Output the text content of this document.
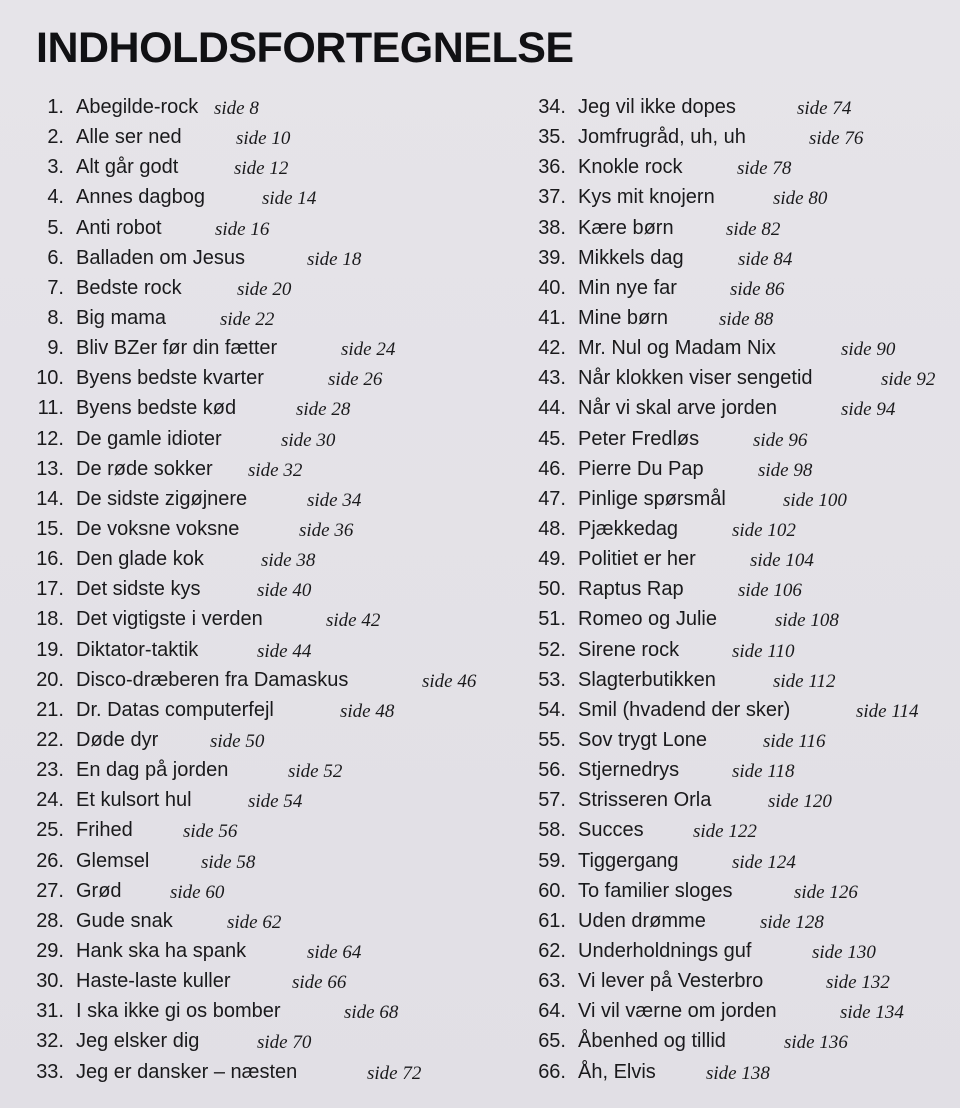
INDHOLDSFORTEGNELSE
1. Abegilde-rock side 8
2. Alle ser ned	side 10
3. Alt går godt	side 12
4. Annes dagbog	side 14
5. Anti robot	side 16
6. Balladen om Jesus	side 18
7. Bedste rock	side 20
8. Big mama	side 22
9. Bliv BZer før din fætter	side 24
10. Byens bedste kvarter	side 26
11. Byens bedste kød	side 28
12. De gamle idioter	side 30
13. De røde sokker side 32
14. De sidste zigøjnere	side 34
15. De voksne voksne	side 36
16. Den glade kok	side 38
17. Det sidste kys	side 40
18. Det vigtigste i verden	side 42
19. Diktator-taktik	side 44
20. Disco-dræberen fra Damaskus	side 46
21. Dr. Datas computerfejl	side 48
22. Døde dyr	side 50
23. En dag på jorden	side 52
24. Et kulsort hul	side 54
25. Frihed	side 56
26. Glemsel	side 58
27. Grød	side 60
28. Gude snak	side 62
29. Hank ska ha spank	side 64
30. Haste-laste kuller	side 66
31. I ska ikke gi os bomber	side 68
32. Jeg elsker dig	side 70
33. Jeg er dansker – næsten	side 72
34. Jeg vil ikke dopes	side 74
35. Jomfrugråd, uh, uh	side 76
36. Knokle rock	side 78
37. Kys mit knojern	side 80
38. Kære børn	side 82
39. Mikkels dag	side 84
40. Min nye far	side 86
41. Mine børn	side 88
42. Mr. Nul og Madam Nix	side 90
43. Når klokken viser sengetid	side 92
44. Når vi skal arve jorden	side 94
45. Peter Fredløs	side 96
46. Pierre Du Pap	side 98
47. Pinlige spørsmål	side 100
48. Pjækkedag	side 102
49. Politiet er her	side 104
50. Raptus Rap	side 106
51. Romeo og Julie	side 108
52. Sirene rock	side 110
53. Slagterbutikken	side 112
54. Smil (hvadend der sker)	side 114
55. Sov trygt Lone	side 116
56. Stjernedrys	side 118
57. Strisseren Orla	side 120
58. Succes	side 122
59. Tiggergang	side 124
60. To familier sloges	side 126
61. Uden drømme	side 128
62. Underholdnings guf	side 130
63. Vi lever på Vesterbro	side 132
64. Vi vil værne om jorden	side 134
65. Åbenhed og tillid	side 136
66. Åh, Elvis	side 138
